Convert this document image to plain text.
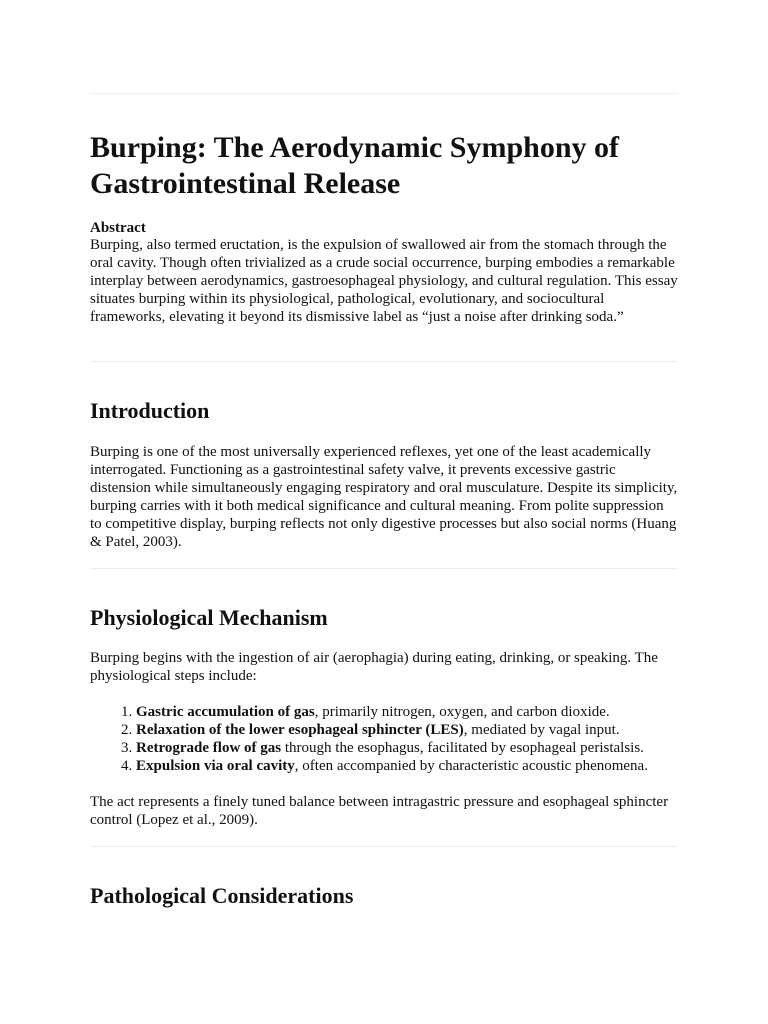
Burping: The Aerodynamic Symphony of Gastrointestinal Release
Abstract

Burping, also termed eructation, is the expulsion of swallowed air from the stomach through the oral cavity. Though often trivialized as a crude social occurrence, burping embodies a remarkable interplay between aerodynamics, gastroesophageal physiology, and cultural regulation. This essay situates burping within its physiological, pathological, evolutionary, and sociocultural frameworks, elevating it beyond its dismissive label as “just a noise after drinking soda.”

Introduction

Burping is one of the most universally experienced reflexes, yet one of the least academically interrogated. Functioning as a gastrointestinal safety valve, it prevents excessive gastric distension while simultaneously engaging respiratory and oral musculature. Despite its simplicity, burping carries with it both medical significance and cultural meaning. From polite suppression to competitive display, burping reflects not only digestive processes but also social norms (Huang & Patel, 2003).

Physiological Mechanism

Burping begins with the ingestion of air (aerophagia) during eating, drinking, or speaking. The physiological steps include:

1. Gastric accumulation of gas, primarily nitrogen, oxygen, and carbon dioxide.
2. Relaxation of the lower esophageal sphincter (LES), mediated by vagal input.
3. Retrograde flow of gas through the esophagus, facilitated by esophageal peristalsis.
4. Expulsion via oral cavity, often accompanied by characteristic acoustic phenomena.

The act represents a finely tuned balance between intragastric pressure and esophageal sphincter control (Lopez et al., 2009).

Pathological Considerations
